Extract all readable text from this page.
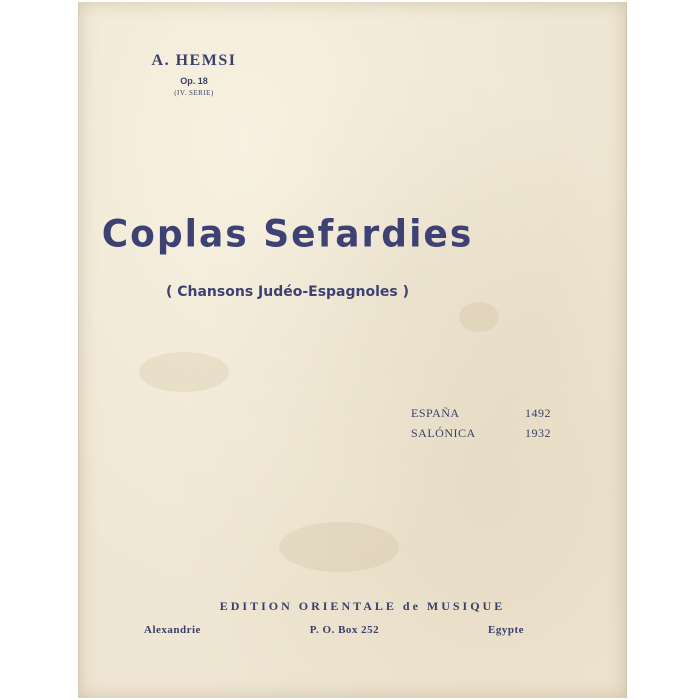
A. HEMSI
Op. 18
(IV. SERIE)
Coplas Sefardies
( Chansons Judéo-Espagnoles )
ESPAÑA	1492
SALÓNICA	1932
EDITION ORIENTALE de MUSIQUE
Alexandrie	P. O. Box 252	Egypte
